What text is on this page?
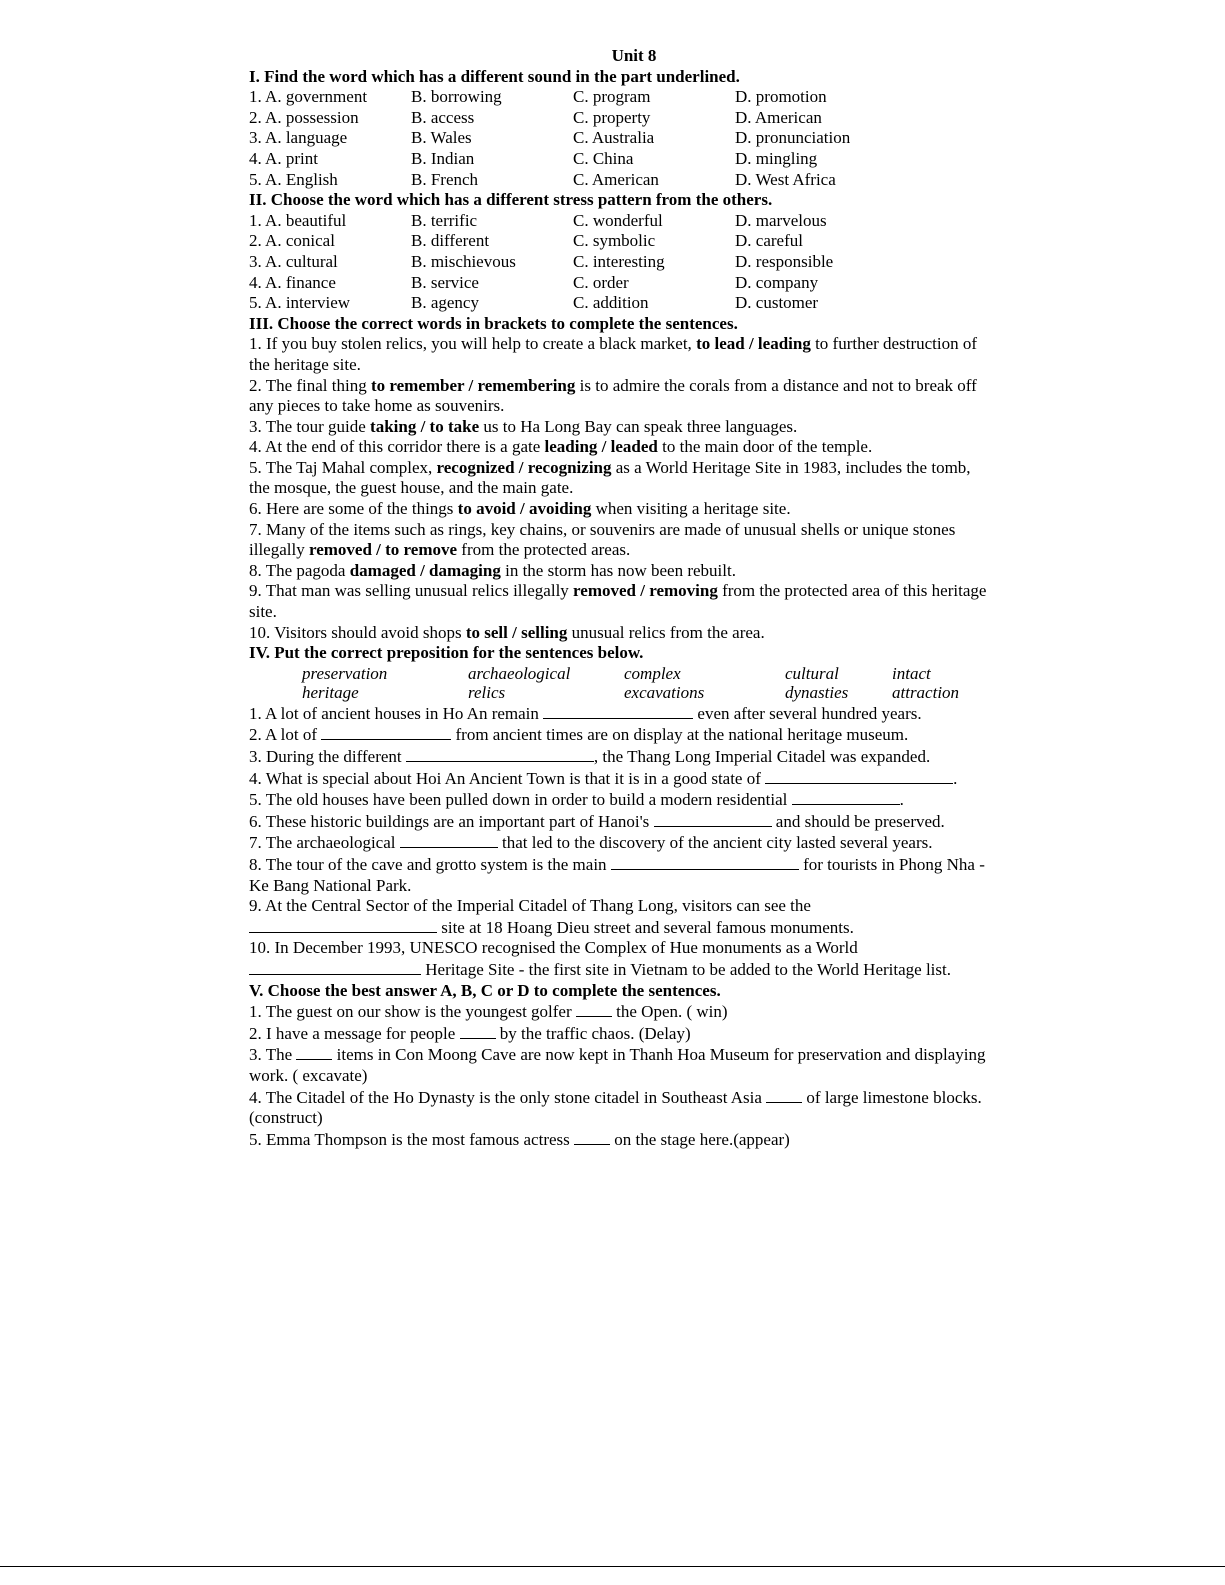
Unit 8
I. Find the word which has a different sound in the part underlined.
1. A. government	B. borrowing	C. program	D. promotion
2. A. possession	B. access	C. property	D. American
3. A. language	B. Wales	C. Australia	D. pronunciation
4. A. print	B. Indian	C. China	D. mingling
5. A. English	B. French	C. American	D. West Africa
II. Choose the word which has a different stress pattern from the others.
1. A. beautiful	B. terrific	C. wonderful	D. marvelous
2. A. conical	B. different	C. symbolic	D. careful
3. A. cultural	B. mischievous	C. interesting	D. responsible
4. A. finance	B. service	C. order	D. company
5. A. interview	B. agency	C. addition	D. customer
III. Choose the correct words in brackets to complete the sentences.
1. If you buy stolen relics, you will help to create a black market, to lead / leading to further destruction of the heritage site.
2. The final thing to remember / remembering is to admire the corals from a distance and not to break off any pieces to take home as souvenirs.
3. The tour guide taking / to take us to Ha Long Bay can speak three languages.
4. At the end of this corridor there is a gate leading / leaded to the main door of the temple.
5. The Taj Mahal complex, recognized / recognizing as a World Heritage Site in 1983, includes the tomb, the mosque, the guest house, and the main gate.
6. Here are some of the things to avoid / avoiding when visiting a heritage site.
7. Many of the items such as rings, key chains, or souvenirs are made of unusual shells or unique stones illegally removed / to remove from the protected areas.
8. The pagoda damaged / damaging in the storm has now been rebuilt.
9. That man was selling unusual relics illegally removed / removing from the protected area of this heritage site.
10. Visitors should avoid shops to sell / selling unusual relics from the area.
IV. Put the correct preposition for the sentences below.
preservation	archaeological	complex	cultural	intact
heritage	relics	excavations	dynasties	attraction
1. A lot of ancient houses in Ho An remain	even after several hundred years.
2. A lot of	from ancient times are on display at the national heritage museum.
3. During the different	, the Thang Long Imperial Citadel was expanded.
4. What is special about Hoi An Ancient Town is that it is in a good state of	.
5. The old houses have been pulled down in order to build a modern residential	.
6. These historic buildings are an important part of Hanoi's	and should be preserved.
7. The archaeological	that led to the discovery of the ancient city lasted several years.
8. The tour of the cave and grotto system is the main	for tourists in Phong Nha - Ke Bang National Park.
9. At the Central Sector of the Imperial Citadel of Thang Long, visitors can see the
site at 18 Hoang Dieu street and several famous monuments.
10. In December 1993, UNESCO recognised the Complex of Hue monuments as a World
Heritage Site - the first site in Vietnam to be added to the World Heritage list.
V. Choose the best answer A, B, C or D to complete the sentences.
1. The guest on our show is the youngest golfer  the Open. ( win)
2. I have a message for people  by the traffic chaos. (Delay)
3. The  items in Con Moong Cave are now kept in Thanh Hoa Museum for preservation and displaying work. ( excavate)
4. The Citadel of the Ho Dynasty is the only stone citadel in Southeast Asia  of large limestone blocks. (construct)
5. Emma Thompson is the most famous actress  on the stage here.(appear)
